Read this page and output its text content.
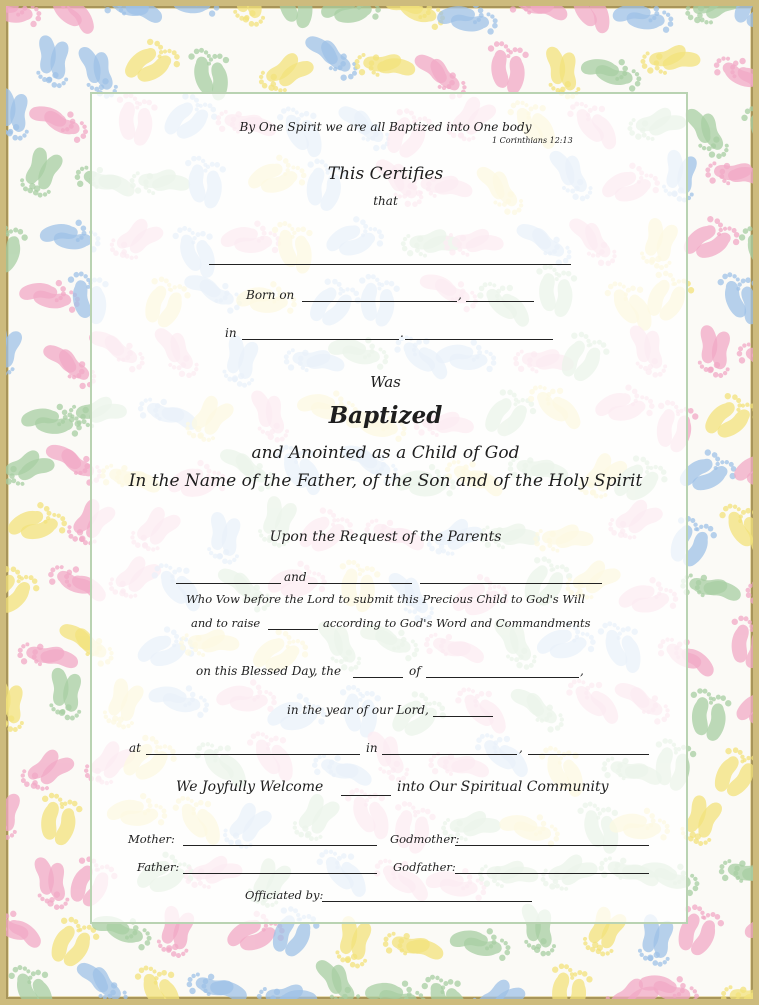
By One Spirit we are all Baptized into One body
1 Corinthians 12:13
This Certifies
that
Born on	,
in	.
Was
Baptized
and Anointed as a Child of God
In the Name of the Father, of the Son and of the Holy Spirit
Upon the Request of the Parents
and
Who Vow before the Lord to submit this Precious Child to God's Will
and to raise	according to God's Word and Commandments
on this Blessed Day, the	of	,
in the year of our Lord,
at	in	,
We Joyfully Welcome	into Our Spiritual Community
Mother:	Godmother:
Father:	Godfather:
Officiated by:
